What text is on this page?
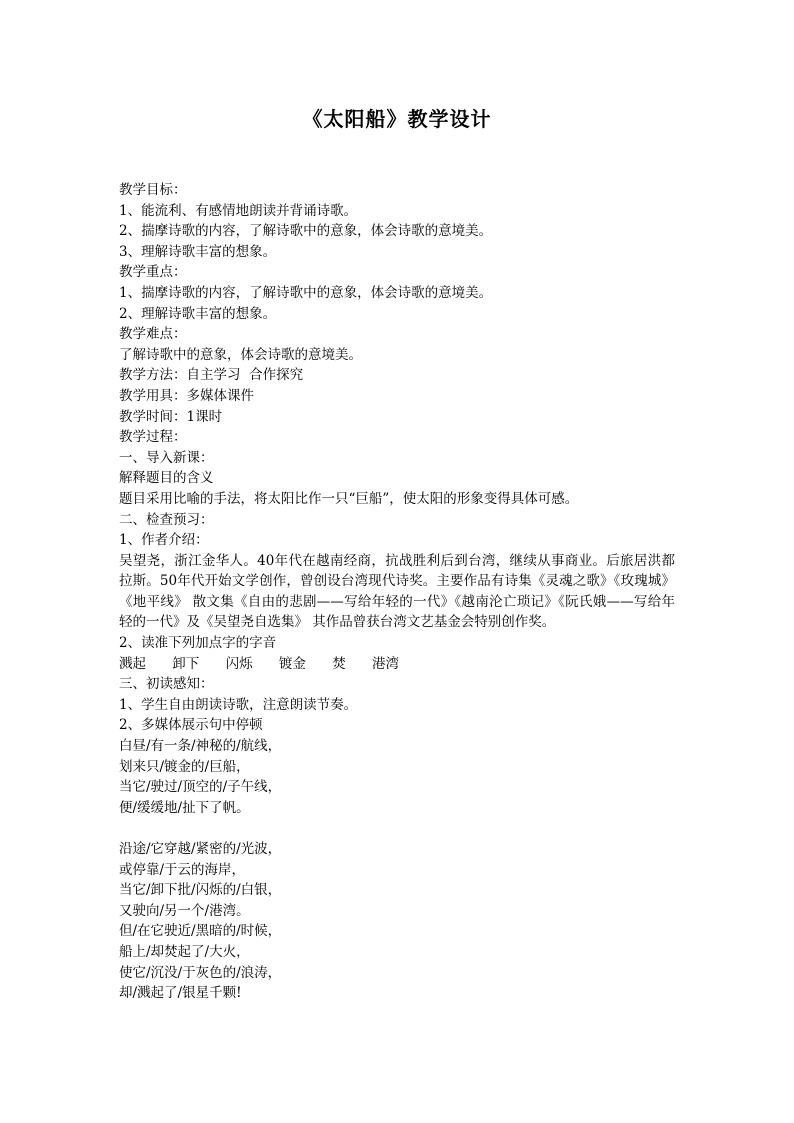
《太阳船》教学设计
教学目标：
1、能流利、有感情地朗读并背诵诗歌。
2、揣摩诗歌的内容，了解诗歌中的意象，体会诗歌的意境美。
3、理解诗歌丰富的想象。
教学重点：
1、揣摩诗歌的内容，了解诗歌中的意象，体会诗歌的意境美。
2、理解诗歌丰富的想象。
教学难点：
了解诗歌中的意象，体会诗歌的意境美。
教学方法：自主学习  合作探究
教学用具：多媒体课件
教学时间：1课时
教学过程：
一、导入新课：
解释题目的含义
题目采用比喻的手法，将太阳比作一只“巨船”，使太阳的形象变得具体可感。
二、检查预习：
1、作者介绍：
吴望尧，浙江金华人。40年代在越南经商，抗战胜利后到台湾，继续从事商业。后旅居洪都拉斯。50年代开始文学创作，曾创设台湾现代诗奖。主要作品有诗集《灵魂之歌》《玫瑰城》《地平线》 散文集《自由的悲剧——写给年轻的一代》《越南沦亡琐记》《阮氏娥——写给年轻的一代》及《吴望尧自选集》 其作品曾获台湾文艺基金会特别创作奖。
2、读准下列加点字的字音
溅起 卸下 闪烁 镀金 焚 港湾
三、初读感知：
1、学生自由朗读诗歌，注意朗读节奏。
2、多媒体展示句中停顿
白昼/有一条/神秘的/航线，
划来只/镀金的/巨船，
当它/驶过/顶空的/子午线，
便/缓缓地/扯下了帆。
沿途/它穿越/紧密的/光波，
或停靠/于云的海岸，
当它/卸下批/闪烁的/白银，
又驶向/另一个/港湾。
但/在它驶近/黑暗的/时候，
船上/却焚起了/大火，
使它/沉没/于灰色的/浪涛，
却/溅起了/银星千颗!
